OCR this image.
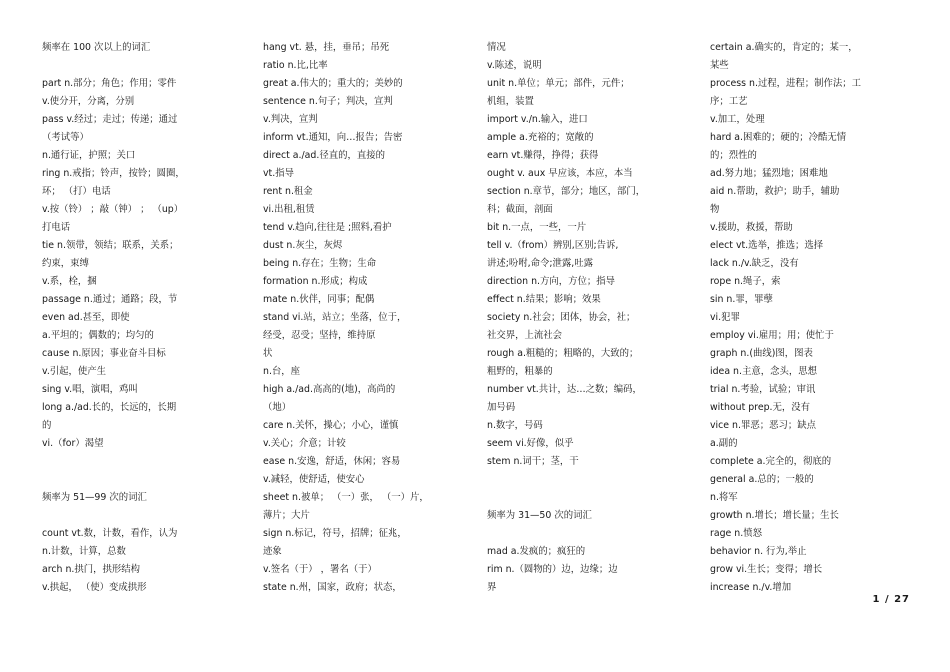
频率在 100 次以上的词汇
part n.部分；角色；作用；零件
v.使分开，分离，分别
pass v.经过；走过；传递；通过
（考试等）
n.通行证，护照；关口
ring n.戒指；铃声，按铃；圆圈，
环； （打）电话
v.按（铃） ；敲（钟） ； （up）
打电话
tie n.领带，领结；联系，关系；
约束，束缚
v.系，栓，捆
passage n.通过；通路；段，节
even ad.甚至，即使
a.平坦的；偶数的；均匀的
cause n.原因；事业奋斗目标
v.引起，使产生
sing v.唱，演唱，鸡叫
long a./ad.长的，长远的，长期
的
vi.（for）渴望
频率为 51—99 次的词汇
count vt.数，计数，看作，认为
n.计数，计算，总数
arch n.拱门，拱形结构
v.拱起， （使）变成拱形
hang vt. 悬，挂，垂吊；吊死
ratio n.比,比率
great a.伟大的；重大的；美妙的
sentence n.句子；判决，宣判
v.判决，宣判
inform vt.通知，向…报告；告密
direct a./ad.径直的，直接的
vt.指导
rent n.租金
vi.出租,租赁
tend v.趋向,往往是 ;照料,看护
dust n.灰尘，灰烬
being n.存在；生物；生命
formation n.形成；构成
mate n.伙伴，同事；配偶
stand vi.站，站立；坐落，位于，
经受，忍受；坚持，维持原
状
n.台，座
high a./ad.高高的(地)，高尚的
（地）
care n.关怀，操心；小心，谨慎
v.关心；介意；计较
ease n.安逸，舒适，休闲；容易
v.减轻，使舒适，使安心
sheet n.被单； （一）张， （一）片，
薄片；大片
sign n.标记，符号，招牌；征兆，
迹象
v.签名（于） ，署名（于）
state n.州，国家，政府；状态，
情况
v.陈述，说明
unit n.单位；单元；部件，元件；
机组，装置
import v./n.输入，进口
ample a.充裕的；宽敞的
earn vt.赚得，挣得；获得
ought v. aux 早应该，本应，本当
section n.章节，部分；地区，部门，
科；截面，剖面
bit n.一点，一些，一片
tell v.（from）辨别,区别;告诉,
讲述;吩咐,命令;泄露,吐露
direction n.方向，方位；指导
effect n.结果；影响；效果
society n.社会；团体，协会，社；
社交界，上流社会
rough a.粗糙的；粗略的，大致的；
粗野的，粗暴的
number vt.共计，达…之数；编码，
加号码
n.数字，号码
seem vi.好像，似乎
stem n.词干；茎，干
频率为 31—50 次的词汇
mad a.发疯的；疯狂的
rim n.（圆物的）边，边缘；边
界
certain a.确实的，肯定的；某一，
某些
process n.过程，进程；制作法；工
序；工艺
v.加工，处理
hard a.困难的；硬的；冷酷无情
的；烈性的
ad.努力地；猛烈地；困难地
aid n.帮助，救护；助手，辅助
物
v.援助，救援，帮助
elect vt.选举，推选；选择
lack n./v.缺乏，没有
rope n.绳子，索
sin n.罪，罪孽
vi.犯罪
employ vi.雇用；用；使忙于
graph n.(曲线)图，图表
idea n.主意，念头，思想
trial n.考验，试验；审讯
without prep.无，没有
vice n.罪恶；恶习；缺点
a.副的
complete a.完全的，彻底的
general a.总的；一般的
n.将军
growth n.增长；增长量；生长
rage n.愤怒
behavior n. 行为,举止
grow vi.生长；变得；增长
increase n./v.增加
1 / 27
